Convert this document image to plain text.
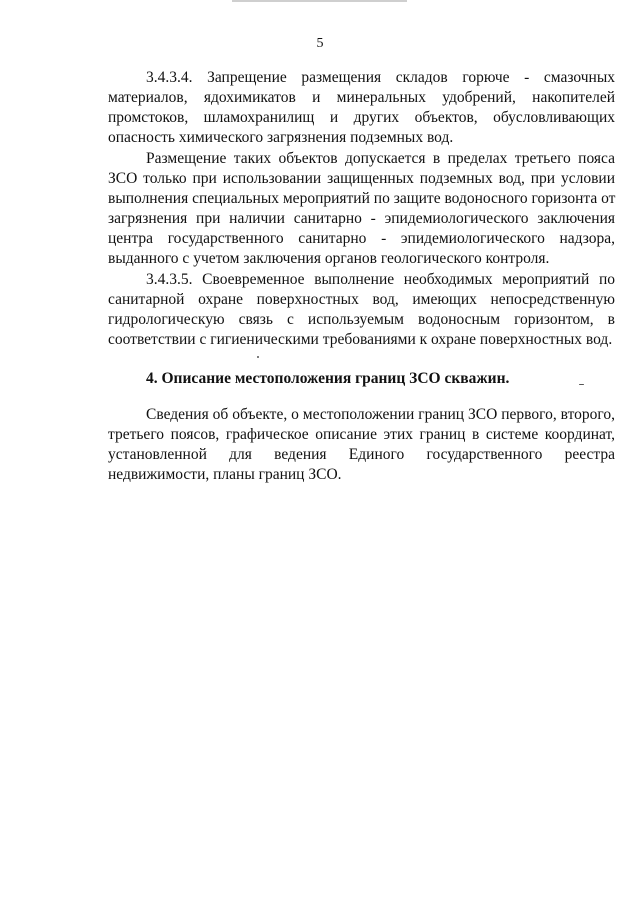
5
3.4.3.4. Запрещение размещения складов горюче - смазочных
материалов, ядохимикатов и минеральных удобрений, накопителей
промстоков, шламохранилищ и других объектов, обусловливающих
опасность химического загрязнения подземных вод.
Размещение таких объектов допускается в пределах третьего пояса
ЗСО только при использовании защищенных подземных вод, при условии
выполнения специальных мероприятий по защите водоносного горизонта от
загрязнения при наличии санитарно - эпидемиологического заключения
центра государственного санитарно - эпидемиологического надзора,
выданного с учетом заключения органов геологического контроля.
3.4.3.5. Своевременное выполнение необходимых мероприятий по
санитарной охране поверхностных вод, имеющих непосредственную
гидрологическую связь с используемым водоносным горизонтом, в
соответствии с гигиеническими требованиями к охране поверхностных вод.
4. Описание местоположения границ ЗСО скважин.
Сведения об объекте, о местоположении границ ЗСО первого, второго,
третьего поясов, графическое описание этих границ в системе координат,
установленной для ведения Единого государственного реестра
недвижимости, планы границ ЗСО.
